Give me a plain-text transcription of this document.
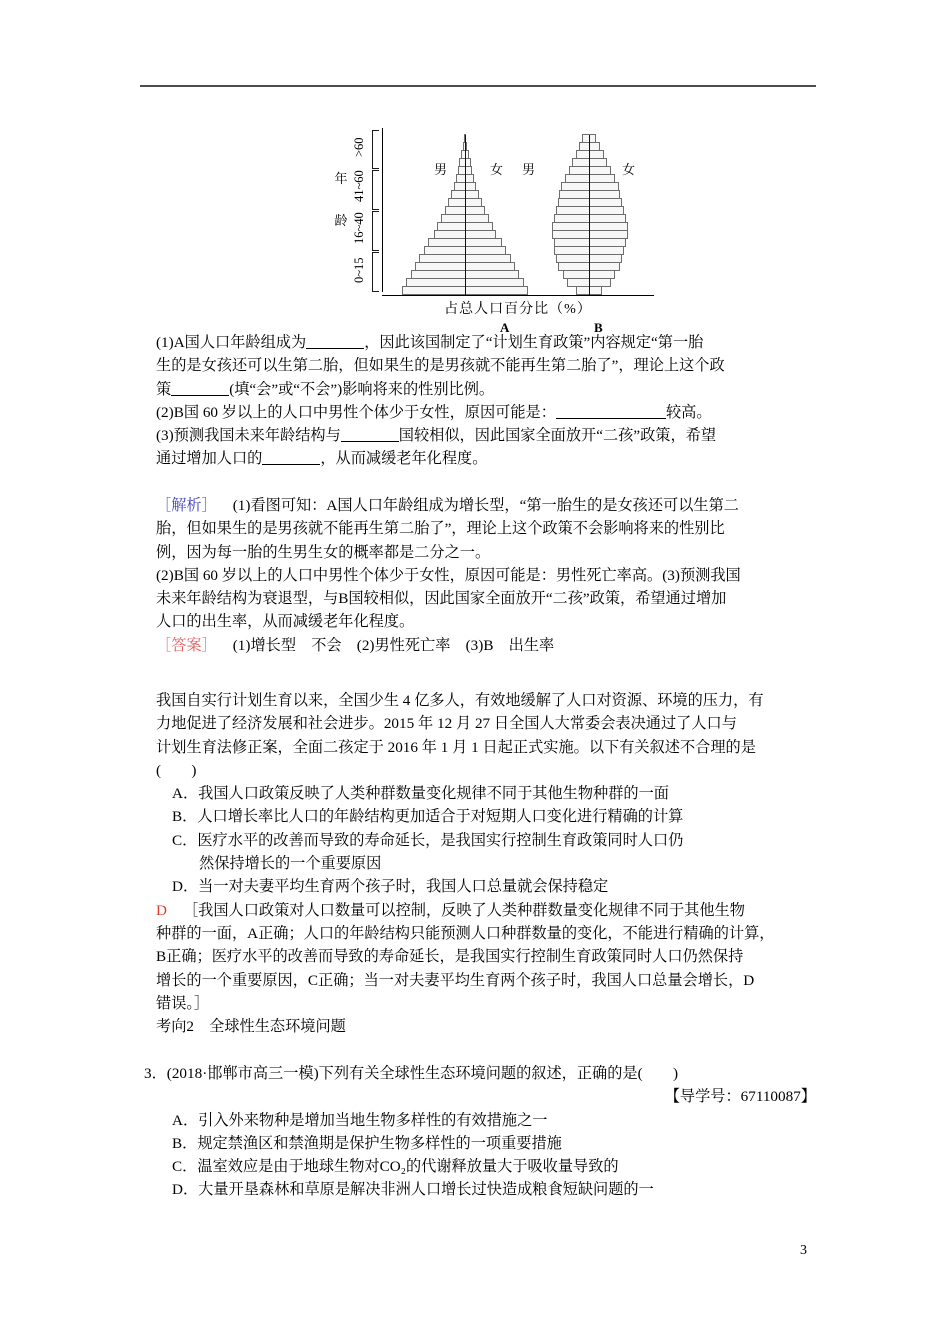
年
龄
0~15
16~40
41~60
>60
男	女 男	女
占总人口百分比（%）
A	B
(1)A国人口年龄组成为	，因此该国制定了“计划生育政策”内容规定“第一胎
生的是女孩还可以生第二胎，但如果生的是男孩就不能再生第二胎了”，理论上这个政
策	(填“会”或“不会”)影响将来的性别比例。
(2)B国 60 岁以上的人口中男性个体少于女性，原因可能是：	较高。
(3)预测我国未来年龄结构与	国较相似，因此国家全面放开“二孩”政策，希望
通过增加人口的	，从而减缓老年化程度。
［解析］ (1)看图可知：A国人口年龄组成为增长型，“第一胎生的是女孩还可以生第二
胎，但如果生的是男孩就不能再生第二胎了”，理论上这个政策不会影响将来的性别比
例，因为每一胎的生男生女的概率都是二分之一。
(2)B国 60 岁以上的人口中男性个体少于女性，原因可能是：男性死亡率高。(3)预测我国
未来年龄结构为衰退型，与B国较相似，因此国家全面放开“二孩”政策，希望通过增加
人口的出生率，从而减缓老年化程度。
［答案］ (1)增长型　不会　(2)男性死亡率　(3)B　出生率
我国自实行计划生育以来，全国少生 4 亿多人，有效地缓解了人口对资源、环境的压力，有
力地促进了经济发展和社会进步。2015 年 12 月 27 日全国人大常委会表决通过了人口与
计划生育法修正案，全面二孩定于 2016 年 1 月 1 日起正式实施。以下有关叙述不合理的是
(　　)
A．我国人口政策反映了人类种群数量变化规律不同于其他生物种群的一面
B．人口增长率比人口的年龄结构更加适合于对短期人口变化进行精确的计算
C．医疗水平的改善而导致的寿命延长，是我国实行控制生育政策同时人口仍
然保持增长的一个重要原因
D．当一对夫妻平均生育两个孩子时，我国人口总量就会保持稳定
D ［我国人口政策对人口数量可以控制，反映了人类种群数量变化规律不同于其他生物
种群的一面，A正确；人口的年龄结构只能预测人口种群数量的变化，不能进行精确的计算，
B正确；医疗水平的改善而导致的寿命延长，是我国实行控制生育政策同时人口仍然保持
增长的一个重要原因，C正确；当一对夫妻平均生育两个孩子时，我国人口总量会增长，D
错误。］
考向2　全球性生态环境问题
3．(2018·邯郸市高三一模)下列有关全球性生态环境问题的叙述，正确的是(　　)
【导学号：67110087】
A．引入外来物种是增加当地生物多样性的有效措施之一
B．规定禁渔区和禁渔期是保护生物多样性的一项重要措施
C．温室效应是由于地球生物对CO₂的代谢释放量大于吸收量导致的
D．大量开垦森林和草原是解决非洲人口增长过快造成粮食短缺问题的一
3
